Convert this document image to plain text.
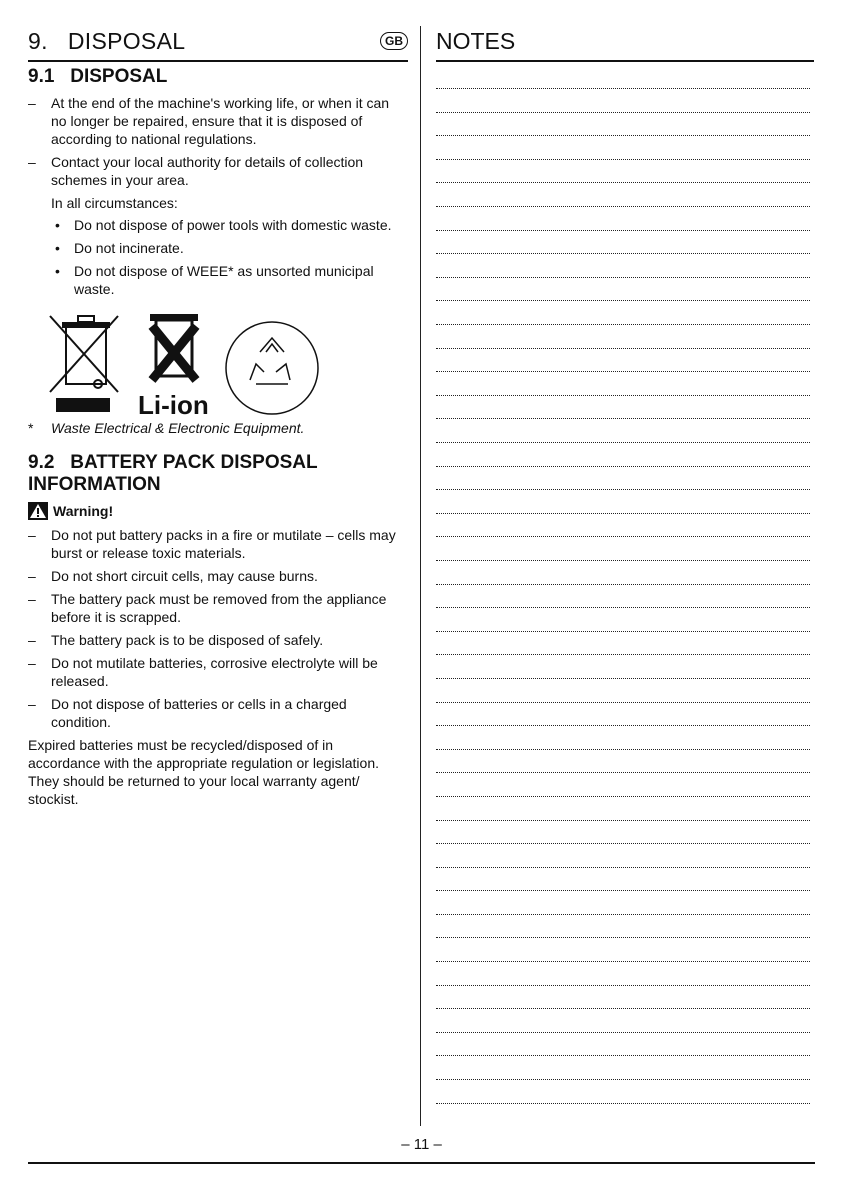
9.   DISPOSAL	GB
9.1   DISPOSAL
– At the end of the machine's working life, or when it can no longer be repaired, ensure that it is disposed of according to national regulations.
– Contact your local authority for details of collection schemes in your area.

In all circumstances:

• Do not dispose of power tools with domestic waste.
• Do not incinerate.
• Do not dispose of WEEE* as unsorted municipal waste.
Li-ion
*	Waste Electrical & Electronic Equipment.
9.2   BATTERY PACK DISPOSAL INFORMATION
Warning!
– Do not put battery packs in a fire or mutilate – cells may burst or release toxic materials.
– Do not short circuit cells, may cause burns.
– The battery pack must be removed from the appliance before it is scrapped.
– The battery pack is to be disposed of safely.
– Do not mutilate batteries, corrosive electrolyte will be released.
– Do not dispose of batteries or cells in a charged condition.

Expired batteries must be recycled/disposed of in accordance with the appropriate regulation or legislation. They should be returned to your local warranty agent/ stockist.

NOTES
– 11 –
